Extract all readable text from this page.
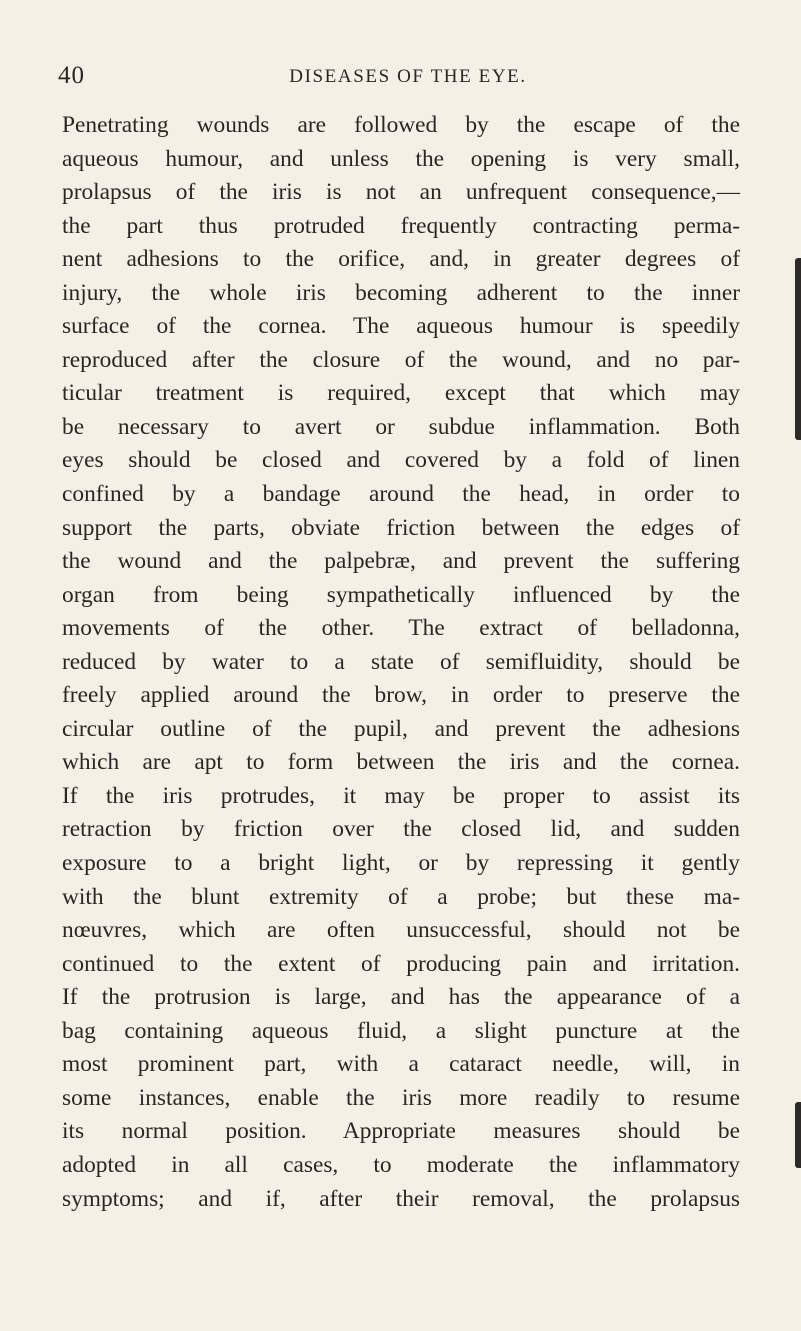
40	DISEASES OF THE EYE.
Penetrating wounds are followed by the escape of the
aqueous humour, and unless the opening is very small,
prolapsus of the iris is not an unfrequent consequence,—
the part thus protruded frequently contracting perma-
nent adhesions to the orifice, and, in greater degrees of
injury, the whole iris becoming adherent to the inner
surface of the cornea. The aqueous humour is speedily
reproduced after the closure of the wound, and no par-
ticular treatment is required, except that which may
be necessary to avert or subdue inflammation. Both
eyes should be closed and covered by a fold of linen
confined by a bandage around the head, in order to
support the parts, obviate friction between the edges of
the wound and the palpebræ, and prevent the suffering
organ from being sympathetically influenced by the
movements of the other. The extract of belladonna,
reduced by water to a state of semifluidity, should be
freely applied around the brow, in order to preserve the
circular outline of the pupil, and prevent the adhesions
which are apt to form between the iris and the cornea.
If the iris protrudes, it may be proper to assist its
retraction by friction over the closed lid, and sudden
exposure to a bright light, or by repressing it gently
with the blunt extremity of a probe; but these ma-
nœuvres, which are often unsuccessful, should not be
continued to the extent of producing pain and irritation.
If the protrusion is large, and has the appearance of a
bag containing aqueous fluid, a slight puncture at the
most prominent part, with a cataract needle, will, in
some instances, enable the iris more readily to resume
its normal position. Appropriate measures should be
adopted in all cases, to moderate the inflammatory
symptoms; and if, after their removal, the prolapsus
